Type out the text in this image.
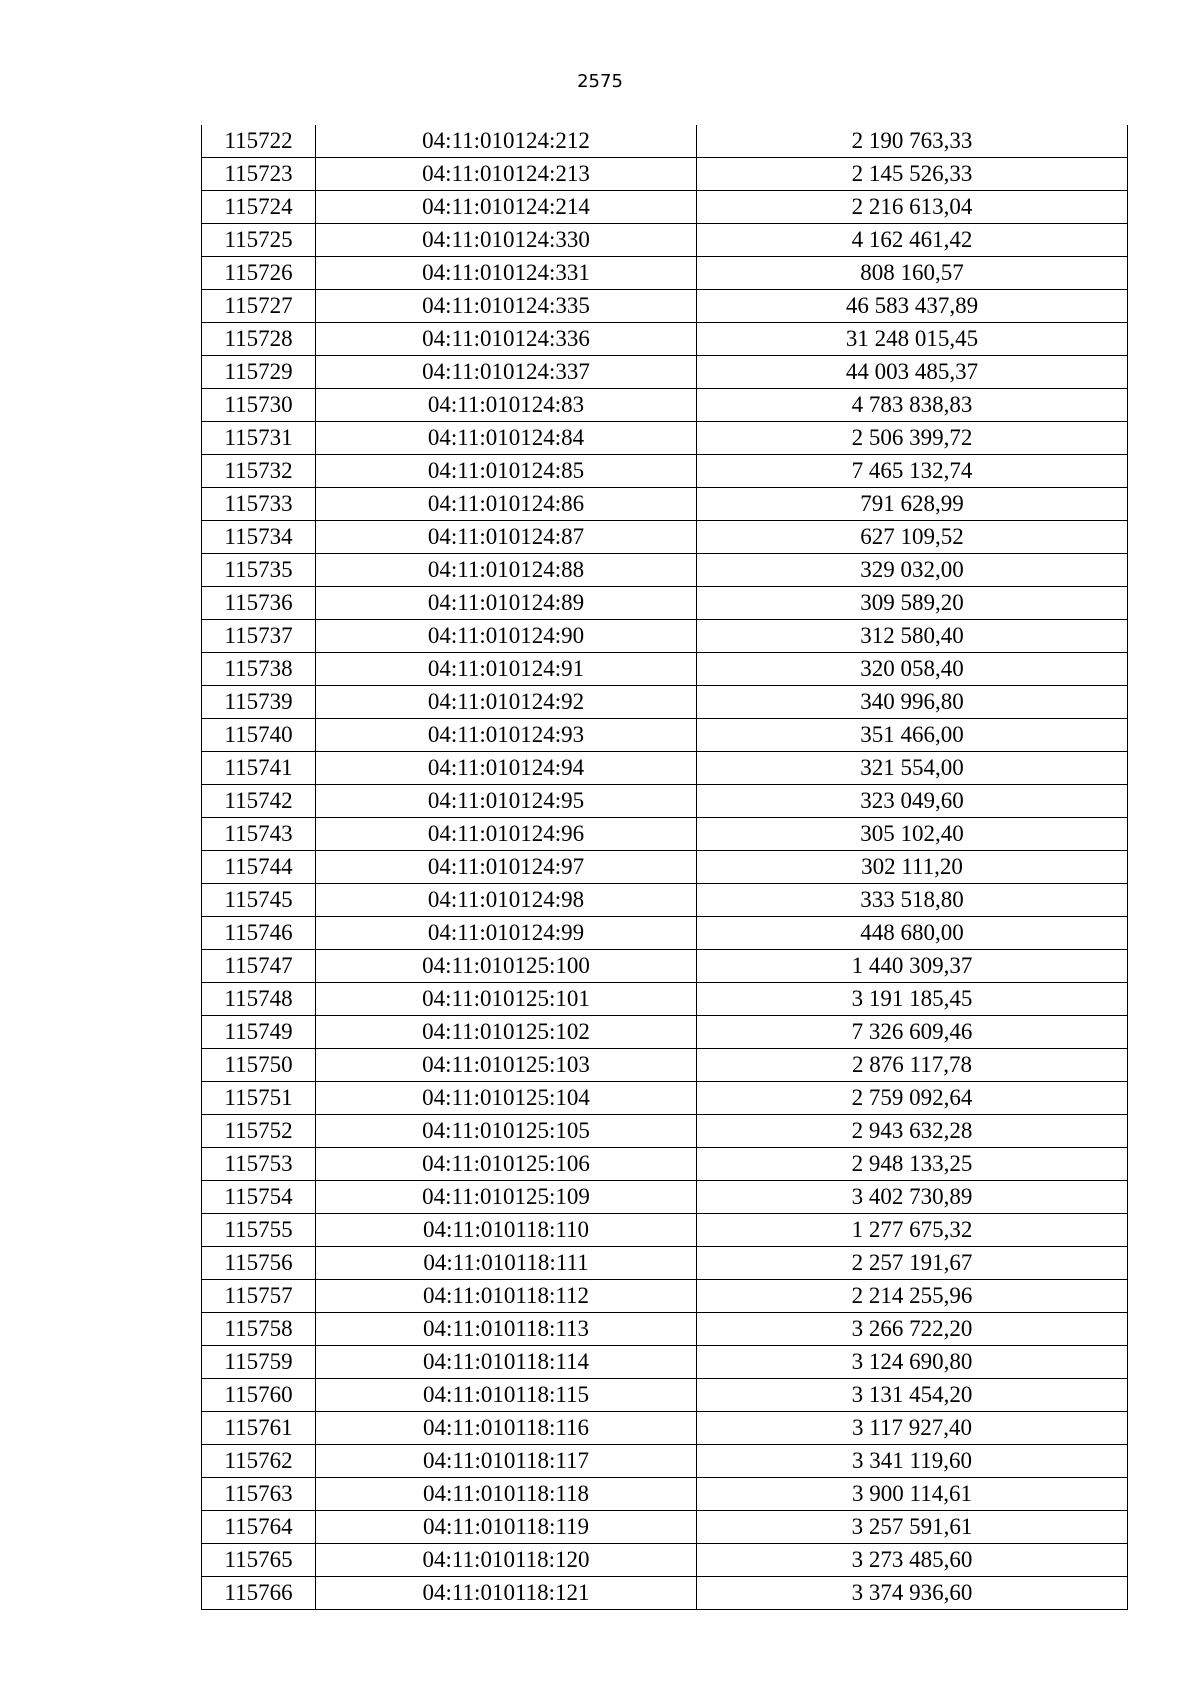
2575
115722	04:11:010124:212	2 190 763,33
115723	04:11:010124:213	2 145 526,33
115724	04:11:010124:214	2 216 613,04
115725	04:11:010124:330	4 162 461,42
115726	04:11:010124:331	808 160,57
115727	04:11:010124:335	46 583 437,89
115728	04:11:010124:336	31 248 015,45
115729	04:11:010124:337	44 003 485,37
115730	04:11:010124:83	4 783 838,83
115731	04:11:010124:84	2 506 399,72
115732	04:11:010124:85	7 465 132,74
115733	04:11:010124:86	791 628,99
115734	04:11:010124:87	627 109,52
115735	04:11:010124:88	329 032,00
115736	04:11:010124:89	309 589,20
115737	04:11:010124:90	312 580,40
115738	04:11:010124:91	320 058,40
115739	04:11:010124:92	340 996,80
115740	04:11:010124:93	351 466,00
115741	04:11:010124:94	321 554,00
115742	04:11:010124:95	323 049,60
115743	04:11:010124:96	305 102,40
115744	04:11:010124:97	302 111,20
115745	04:11:010124:98	333 518,80
115746	04:11:010124:99	448 680,00
115747	04:11:010125:100	1 440 309,37
115748	04:11:010125:101	3 191 185,45
115749	04:11:010125:102	7 326 609,46
115750	04:11:010125:103	2 876 117,78
115751	04:11:010125:104	2 759 092,64
115752	04:11:010125:105	2 943 632,28
115753	04:11:010125:106	2 948 133,25
115754	04:11:010125:109	3 402 730,89
115755	04:11:010118:110	1 277 675,32
115756	04:11:010118:111	2 257 191,67
115757	04:11:010118:112	2 214 255,96
115758	04:11:010118:113	3 266 722,20
115759	04:11:010118:114	3 124 690,80
115760	04:11:010118:115	3 131 454,20
115761	04:11:010118:116	3 117 927,40
115762	04:11:010118:117	3 341 119,60
115763	04:11:010118:118	3 900 114,61
115764	04:11:010118:119	3 257 591,61
115765	04:11:010118:120	3 273 485,60
115766	04:11:010118:121	3 374 936,60
